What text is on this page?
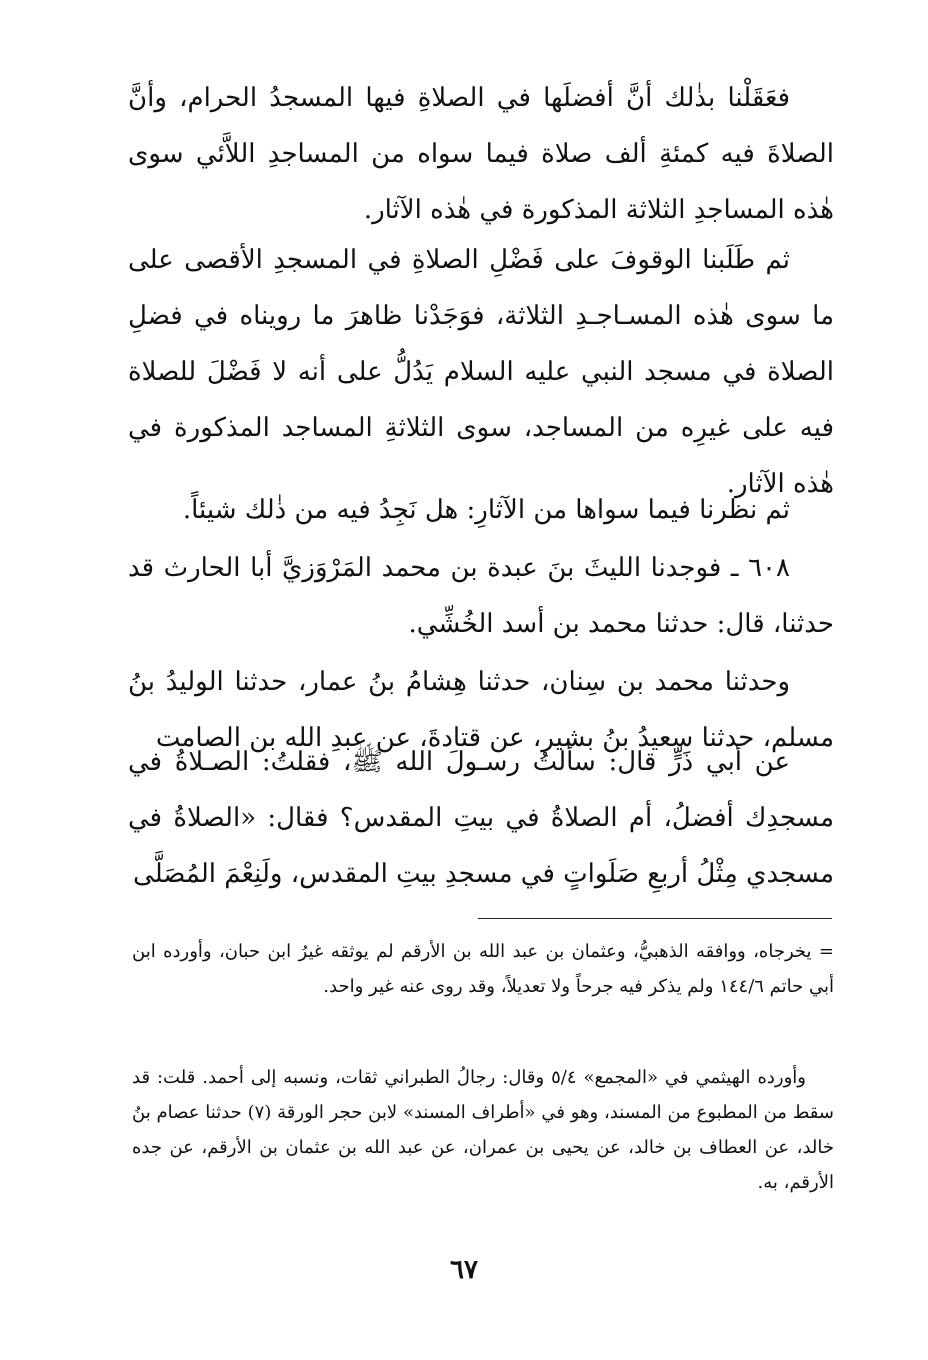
فعَقَلْنا بذٰلك أنَّ أفضلَها في الصلاةِ فيها المسجدُ الحرام، وأنَّ الصلاةَ فيه كمئةِ ألف صلاة فيما سواه من المساجدِ اللاَّئي سوى هٰذه المساجدِ الثلاثة المذكورة في هٰذه الآثار.

ثم طَلَبنا الوقوفَ على فَضْلِ الصلاةِ في المسجدِ الأقصى على ما سوى هٰذه المسـاجـدِ الثلاثة، فوَجَدْنا ظاهرَ ما رويناه في فضلِ الصلاة في مسجد النبي عليه السلام يَدُلُّ على أنه لا فَضْلَ للصلاة فيه على غيرِه من المساجد، سوى الثلاثةِ المساجد المذكورة في هٰذه الآثار.

ثم نظرنا فيما سواها من الآثارِ: هل نَجِدُ فيه من ذٰلك شيئاً.

٦٠٨ ـ فوجدنا الليثَ بنَ عبدة بن محمد المَرْوَزيَّ أبا الحارث قد حدثنا، قال: حدثنا محمد بن أسد الخُشِّي.

وحدثنا محمد بن سِنان، حدثنا هِشامُ بنُ عمار، حدثنا الوليدُ بنُ مسلم، حدثنا سعيدُ بنُ بشير، عن قتادةَ، عن عبدِ الله بن الصامت

عن أبي ذَرٍّ قال: سألتُ رسـولَ الله ﷺ، فقلتُ: الصـلاةُ في مسجدِك أفضلُ، أم الصلاةُ في بيتِ المقدس؟ فقال: «الصلاةُ في مسجدي مِثْلُ أربعِ صَلَواتٍ في مسجدِ بيتِ المقدس، ولَنِعْمَ المُصَلَّى

= يخرجاه، ووافقه الذهبيُّ، وعثمان بن عبد الله بن الأرقم لم يوثقه غيرُ ابن حبان، وأورده ابن أبي حاتم ١٤٤/٦ ولم يذكر فيه جرحاً ولا تعديلاً، وقد روى عنه غير واحد.

وأورده الهيثمي في «المجمع» ٥/٤ وقال: رجالُ الطبراني ثقات، ونسبه إلى أحمد. قلت: قد سقط من المطبوع من المسند، وهو في «أطراف المسند» لابن حجر الورقة (٧) حدثنا عصام بنُ خالد، عن العطاف بن خالد، عن يحيى بن عمران، عن عبد الله بن عثمان بن الأرقم، عن جده الأرقم، به.

٦٧
